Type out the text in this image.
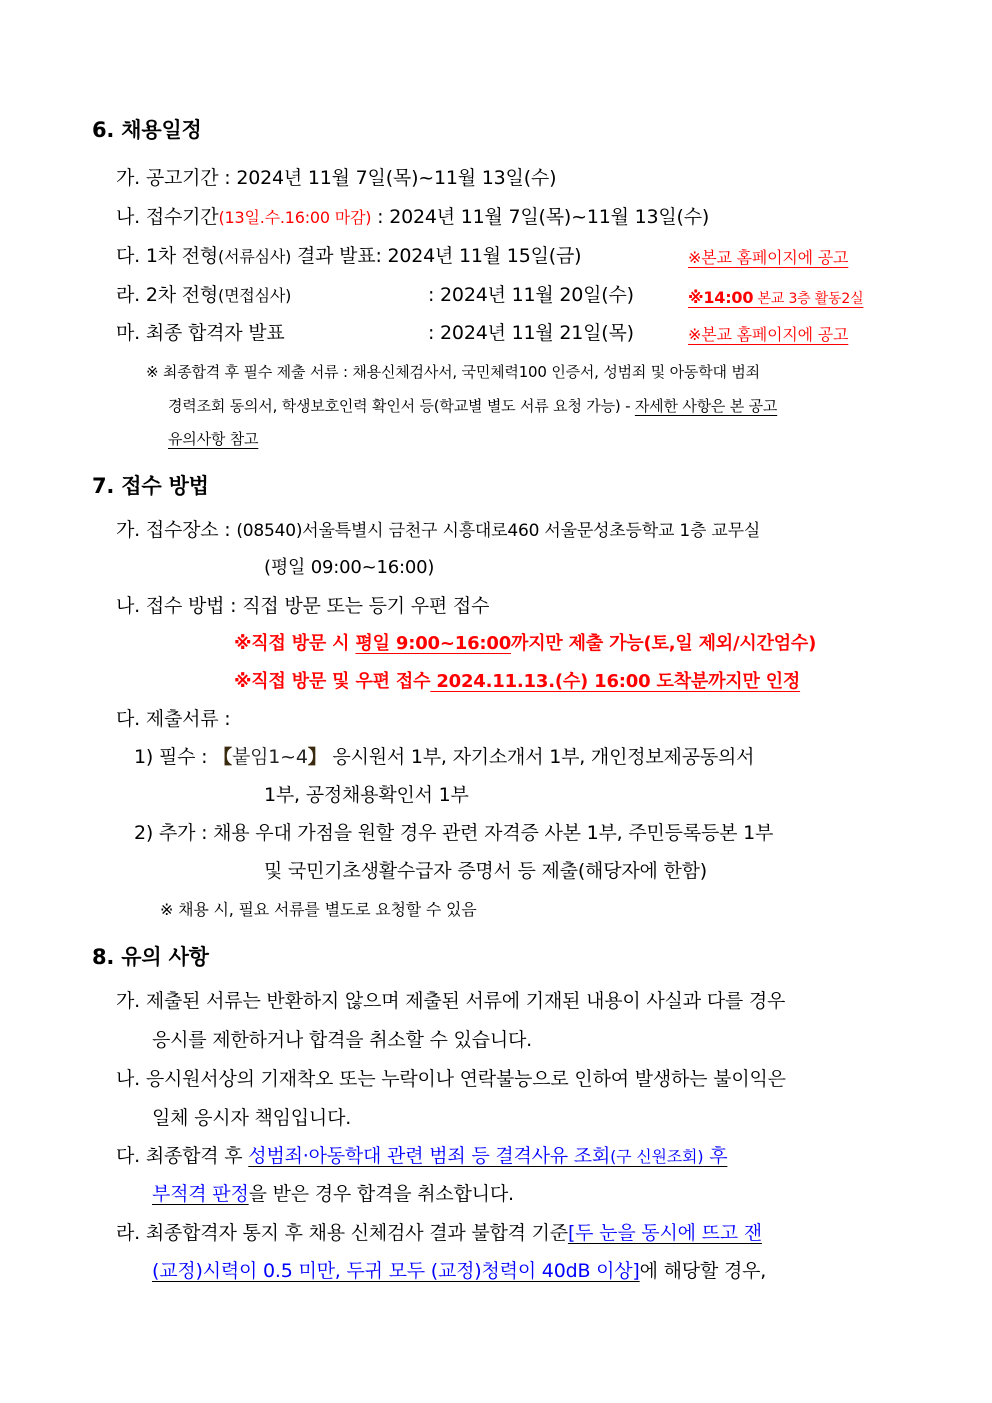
6. 채용일정
가. 공고기간 : 2024년 11월 7일(목)~11월 13일(수)
나. 접수기간(13일.수.16:00 마감) : 2024년 11월 7일(목)~11월 13일(수)
다. 1차 전형(서류심사) 결과 발표: 2024년 11월 15일(금)	※본교 홈페이지에 공고
라. 2차 전형(면접심사)	: 2024년 11월 20일(수)	※14:00 본교 3층 활동2실
마. 최종 합격자 발표	: 2024년 11월 21일(목)	※본교 홈페이지에 공고
※ 최종합격 후 필수 제출 서류 : 채용신체검사서, 국민체력100 인증서, 성범죄 및 아동학대 범죄
경력조회 동의서, 학생보호인력 확인서 등(학교별 별도 서류 요청 가능) - 자세한 사항은 본 공고
유의사항 참고
7. 접수 방법
가. 접수장소 : (08540)서울특별시 금천구 시흥대로460 서울문성초등학교 1층 교무실
(평일 09:00~16:00)
나. 접수 방법 : 직접 방문 또는 등기 우편 접수
※직접 방문 시 평일 9:00~16:00까지만 제출 가능(토,일 제외/시간엄수)
※직접 방문 및 우편 접수 2024.11.13.(수) 16:00 도착분까지만 인정
다. 제출서류 :
1) 필수 : 【붙임1~4】 응시원서 1부, 자기소개서 1부, 개인정보제공동의서
1부, 공정채용확인서 1부
2) 추가 : 채용 우대 가점을 원할 경우 관련 자격증 사본 1부, 주민등록등본 1부
및 국민기초생활수급자 증명서 등 제출(해당자에 한함)
※ 채용 시, 필요 서류를 별도로 요청할 수 있음
8. 유의 사항
가. 제출된 서류는 반환하지 않으며 제출된 서류에 기재된 내용이 사실과 다를 경우
응시를 제한하거나 합격을 취소할 수 있습니다.
나. 응시원서상의 기재착오 또는 누락이나 연락불능으로 인하여 발생하는 불이익은
일체 응시자 책임입니다.
다. 최종합격 후 성범죄·아동학대 관련 범죄 등 결격사유 조회(구 신원조회) 후
부적격 판정을 받은 경우 합격을 취소합니다.
라. 최종합격자 통지 후 채용 신체검사 결과 불합격 기준[두 눈을 동시에 뜨고 잰
(교정)시력이 0.5 미만, 두귀 모두 (교정)청력이 40dB 이상]에 해당할 경우,
